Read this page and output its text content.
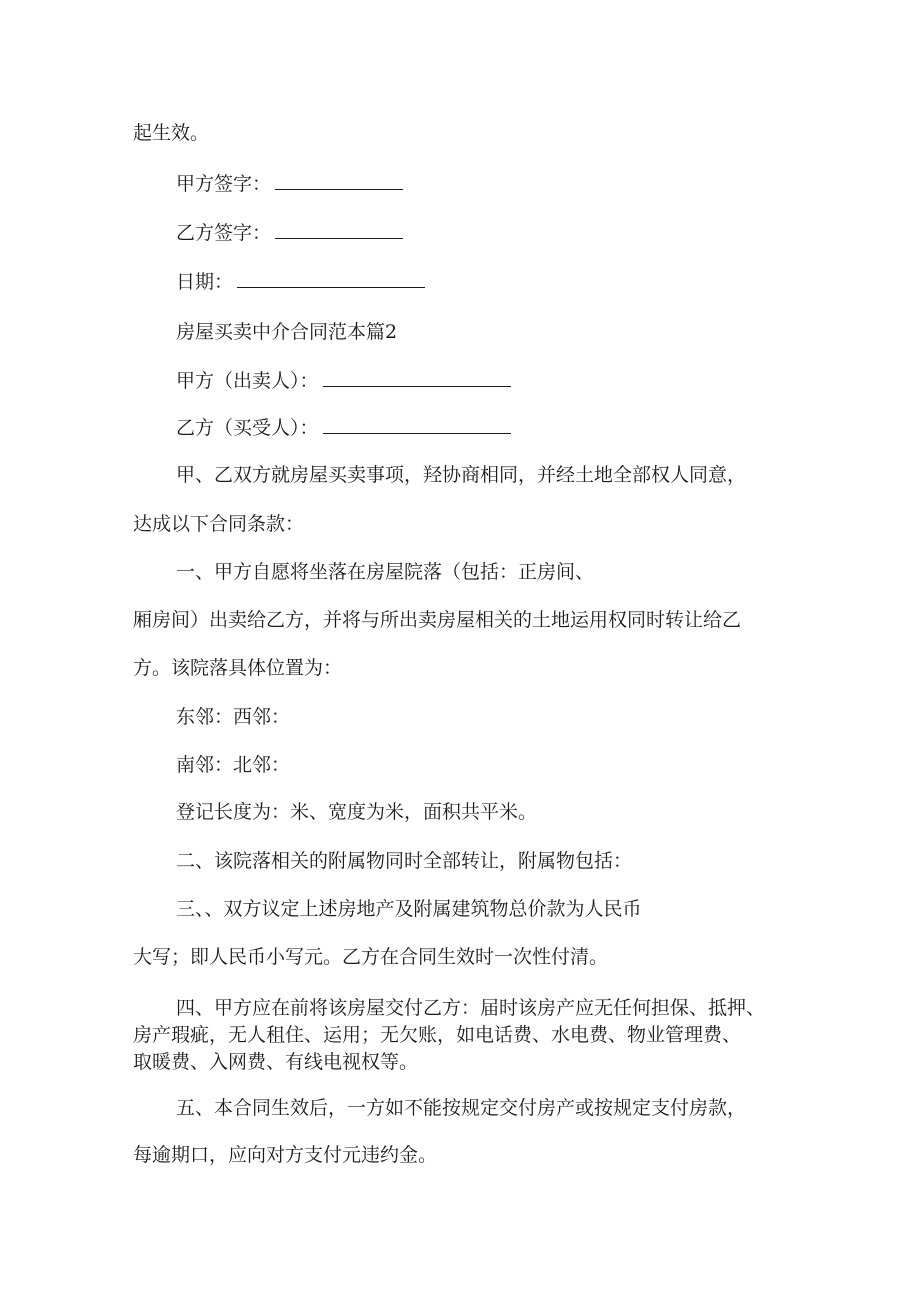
起生效。
甲方签字：
乙方签字：
日期：
房屋买卖中介合同范本篇2
甲方（出卖人）：
乙方（买受人）：
甲、乙双方就房屋买卖事项，羟协商相同，并经土地全部权人同意，
达成以下合同条款：
一、甲方自愿将坐落在房屋院落（包括：正房间、
厢房间）出卖给乙方，并将与所出卖房屋相关的土地运用权同时转让给乙
方。该院落具体位置为：
东邻：西邻：
南邻：北邻：
登记长度为：米、宽度为米，面积共平米。
二、该院落相关的附属物同时全部转让，附属物包括：
三、、双方议定上述房地产及附属建筑物总价款为人民币
大写；即人民币小写元。乙方在合同生效时一次性付清。
四、甲方应在前将该房屋交付乙方：届时该房产应无任何担保、抵押、
房产瑕疵，无人租住、运用；无欠账，如电话费、水电费、物业管理费、
取暖费、入网费、有线电视权等。
五、本合同生效后，一方如不能按规定交付房产或按规定支付房款，
每逾期口，应向对方支付元违约金。
